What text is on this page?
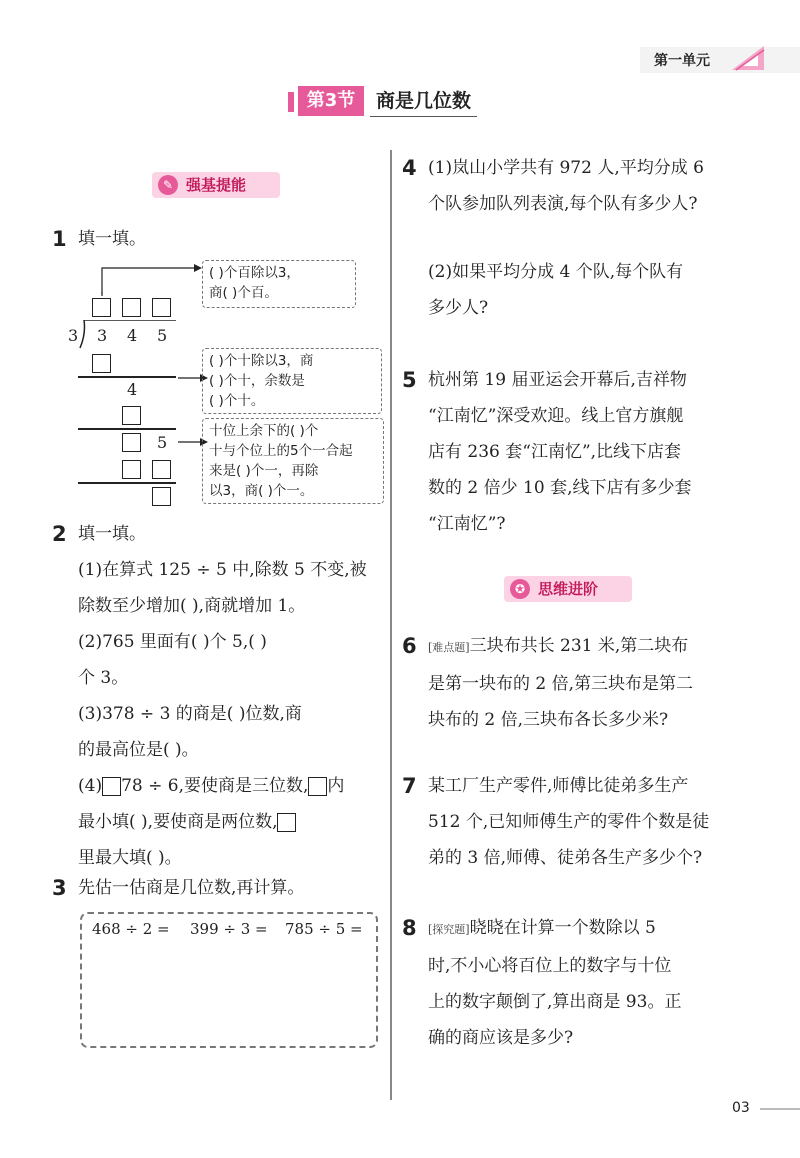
第一单元
第3节	商是几位数
✎ 强基提能
1 填一填。
3 3 4 5
4
5
( )个百除以3，
商( )个百。
( )个十除以3，商
( )个十，余数是
( )个十。
十位上余下的( )个
十与个位上的5个一合起
来是( )个一，再除
以3，商( )个一。
2 填一填。
(1)在算式 125 ÷ 5 中,除数 5 不变,被
除数至少增加( ),商就增加 1。
(2)765 里面有( )个 5,( )
个 3。
(3)378 ÷ 3 的商是( )位数,商
的最高位是( )。
(4) 78 ÷ 6,要使商是三位数, 内
最小填( ),要使商是两位数,
里最大填( )。
3 先估一估商是几位数,再计算。
468 ÷ 2 = 399 ÷ 3 = 785 ÷ 5 =
4 (1)岚山小学共有 972 人,平均分成 6
个队参加队列表演,每个队有多少人?
(2)如果平均分成 4 个队,每个队有
多少人?
5 杭州第 19 届亚运会开幕后,吉祥物
“江南忆”深受欢迎。线上官方旗舰
店有 236 套“江南忆”,比线下店套
数的 2 倍少 10 套,线下店有多少套
“江南忆”?
✪ 思维进阶
6 [难点题]三块布共长 231 米,第二块布
是第一块布的 2 倍,第三块布是第二
块布的 2 倍,三块布各长多少米?
7 某工厂生产零件,师傅比徒弟多生产
512 个,已知师傅生产的零件个数是徒
弟的 3 倍,师傅、徒弟各生产多少个?
8 [探究题]晓晓在计算一个数除以 5
时,不小心将百位上的数字与十位
上的数字颠倒了,算出商是 93。正
确的商应该是多少?
03
